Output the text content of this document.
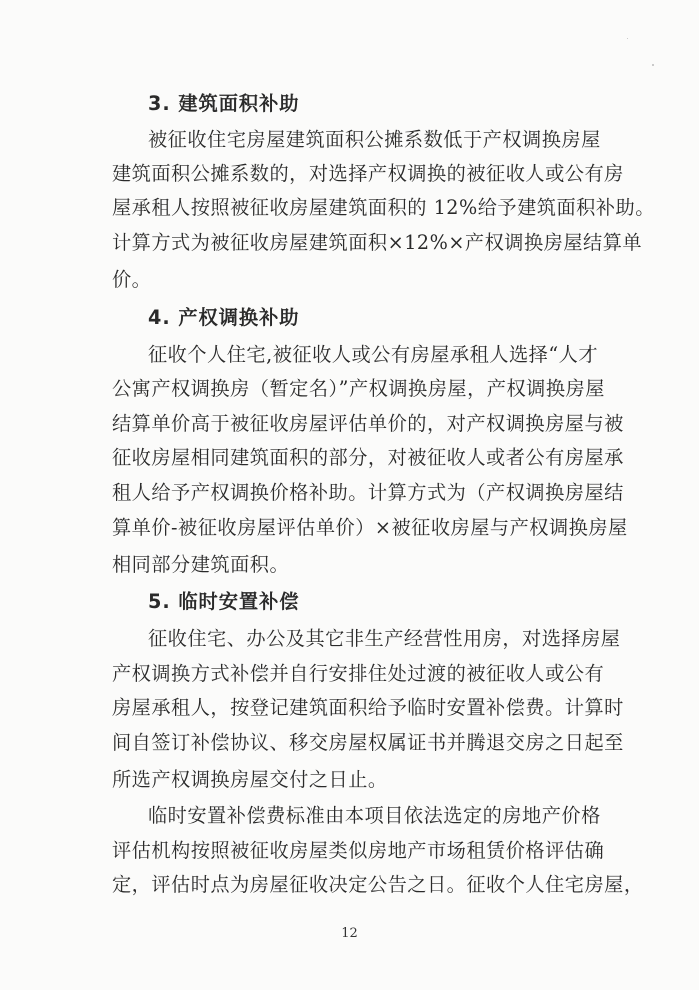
3. 建筑面积补助
被征收住宅房屋建筑面积公摊系数低于产权调换房屋
建筑面积公摊系数的，对选择产权调换的被征收人或公有房
屋承租人按照被征收房屋建筑面积的 12%给予建筑面积补助。
计算方式为被征收房屋建筑面积×12%×产权调换房屋结算单
价。
4. 产权调换补助
征收个人住宅,被征收人或公有房屋承租人选择“人才
公寓产权调换房（暂定名）”产权调换房屋，产权调换房屋
结算单价高于被征收房屋评估单价的，对产权调换房屋与被
征收房屋相同建筑面积的部分，对被征收人或者公有房屋承
租人给予产权调换价格补助。计算方式为（产权调换房屋结
算单价-被征收房屋评估单价）×被征收房屋与产权调换房屋
相同部分建筑面积。
5. 临时安置补偿
征收住宅、办公及其它非生产经营性用房，对选择房屋
产权调换方式补偿并自行安排住处过渡的被征收人或公有
房屋承租人，按登记建筑面积给予临时安置补偿费。计算时
间自签订补偿协议、移交房屋权属证书并腾退交房之日起至
所选产权调换房屋交付之日止。
临时安置补偿费标准由本项目依法选定的房地产价格
评估机构按照被征收房屋类似房地产市场租赁价格评估确
定，评估时点为房屋征收决定公告之日。征收个人住宅房屋，
12
